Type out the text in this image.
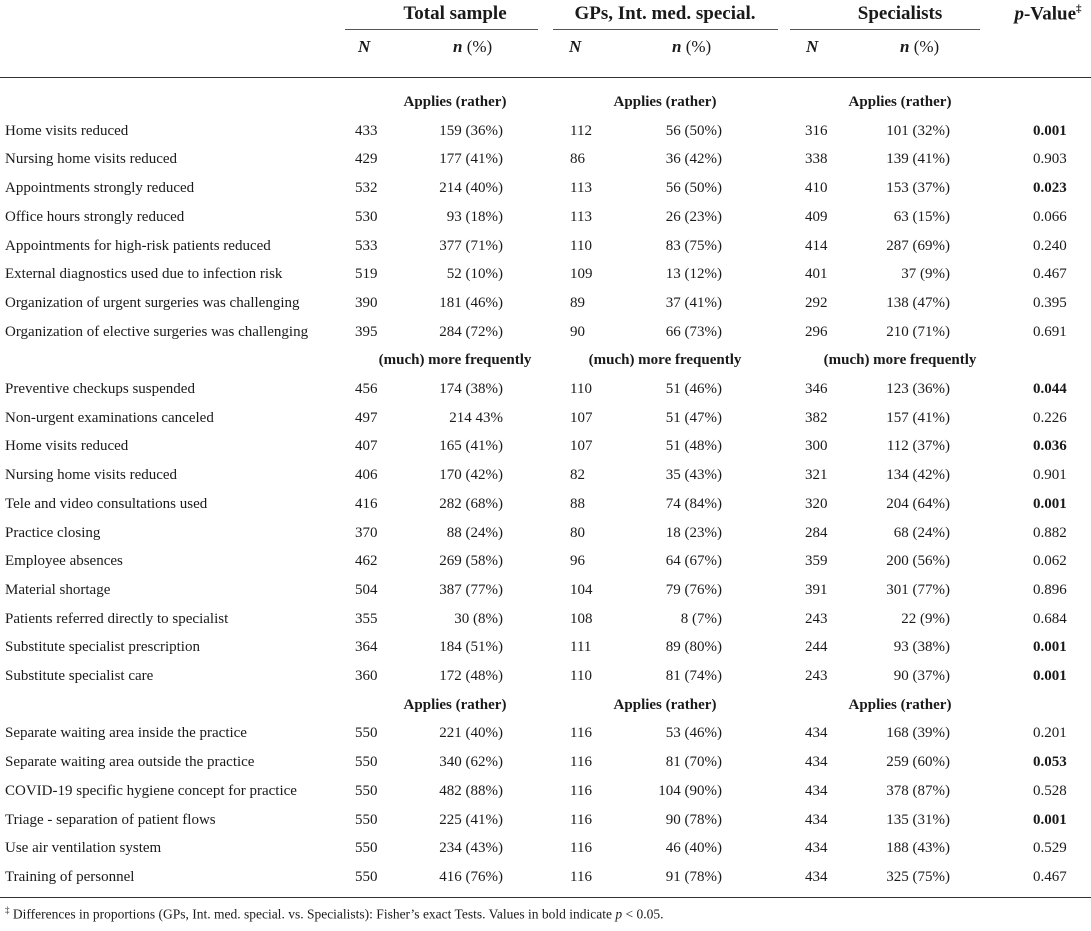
Total sample	GPs, Int. med. special.	Specialists	p-Value‡
N	n (%)	N	n (%)	N	n (%)
Applies (rather)	Applies (rather)	Applies (rather)
Home visits reduced	433	159 (36%)	112	56 (50%)	316	101 (32%)	0.001
Nursing home visits reduced	429	177 (41%)	86	36 (42%)	338	139 (41%)	0.903
Appointments strongly reduced	532	214 (40%)	113	56 (50%)	410	153 (37%)	0.023
Office hours strongly reduced	530	93 (18%)	113	26 (23%)	409	63 (15%)	0.066
Appointments for high-risk patients reduced	533	377 (71%)	110	83 (75%)	414	287 (69%)	0.240
External diagnostics used due to infection risk	519	52 (10%)	109	13 (12%)	401	37 (9%)	0.467
Organization of urgent surgeries was challenging	390	181 (46%)	89	37 (41%)	292	138 (47%)	0.395
Organization of elective surgeries was challenging	395	284 (72%)	90	66 (73%)	296	210 (71%)	0.691
(much) more frequently	(much) more frequently	(much) more frequently
Preventive checkups suspended	456	174 (38%)	110	51 (46%)	346	123 (36%)	0.044
Non-urgent examinations canceled	497	214 43%	107	51 (47%)	382	157 (41%)	0.226
Home visits reduced	407	165 (41%)	107	51 (48%)	300	112 (37%)	0.036
Nursing home visits reduced	406	170 (42%)	82	35 (43%)	321	134 (42%)	0.901
Tele and video consultations used	416	282 (68%)	88	74 (84%)	320	204 (64%)	0.001
Practice closing	370	88 (24%)	80	18 (23%)	284	68 (24%)	0.882
Employee absences	462	269 (58%)	96	64 (67%)	359	200 (56%)	0.062
Material shortage	504	387 (77%)	104	79 (76%)	391	301 (77%)	0.896
Patients referred directly to specialist	355	30 (8%)	108	8 (7%)	243	22 (9%)	0.684
Substitute specialist prescription	364	184 (51%)	111	89 (80%)	244	93 (38%)	0.001
Substitute specialist care	360	172 (48%)	110	81 (74%)	243	90 (37%)	0.001
Applies (rather)	Applies (rather)	Applies (rather)
Separate waiting area inside the practice	550	221 (40%)	116	53 (46%)	434	168 (39%)	0.201
Separate waiting area outside the practice	550	340 (62%)	116	81 (70%)	434	259 (60%)	0.053
COVID-19 specific hygiene concept for practice	550	482 (88%)	116	104 (90%)	434	378 (87%)	0.528
Triage - separation of patient flows	550	225 (41%)	116	90 (78%)	434	135 (31%)	0.001
Use air ventilation system	550	234 (43%)	116	46 (40%)	434	188 (43%)	0.529
Training of personnel	550	416 (76%)	116	91 (78%)	434	325 (75%)	0.467
‡ Differences in proportions (GPs, Int. med. special. vs. Specialists): Fisher’s exact Tests. Values in bold indicate p < 0.05.
